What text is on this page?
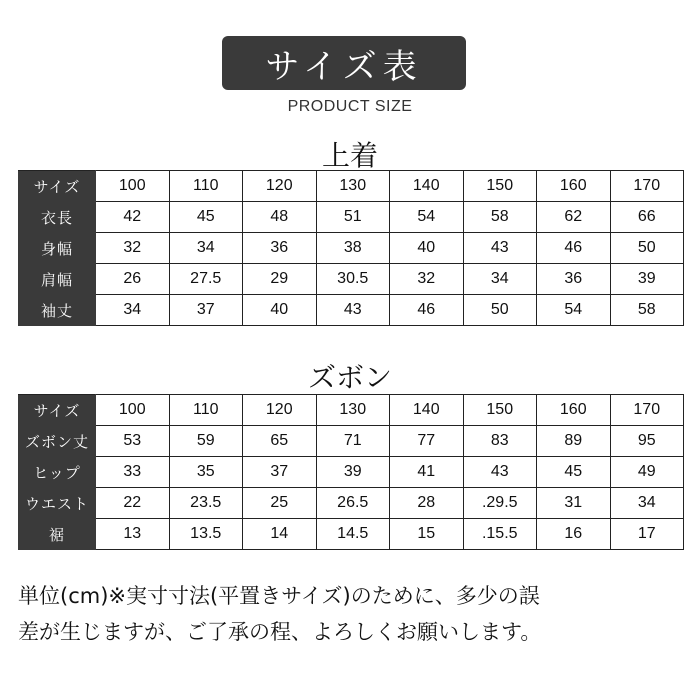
サイズ表
PRODUCT SIZE
上着
サイズ	100	110	120	130	140	150	160	170
衣長	42	45	48	51	54	58	62	66
身幅	32	34	36	38	40	43	46	50
肩幅	26	27.5	29	30.5	32	34	36	39
袖丈	34	37	40	43	46	50	54	58
ズボン
サイズ	100	110	120	130	140	150	160	170
ズボン丈	53	59	65	71	77	83	89	95
ヒップ	33	35	37	39	41	43	45	49
ウエスト	22	23.5	25	26.5	28	.29.5	31	34
裾	13	13.5	14	14.5	15	.15.5	16	17
単位(cm)※実寸寸法(平置きサイズ)のために、多少の誤
差が生じますが、ご了承の程、よろしくお願いします。
